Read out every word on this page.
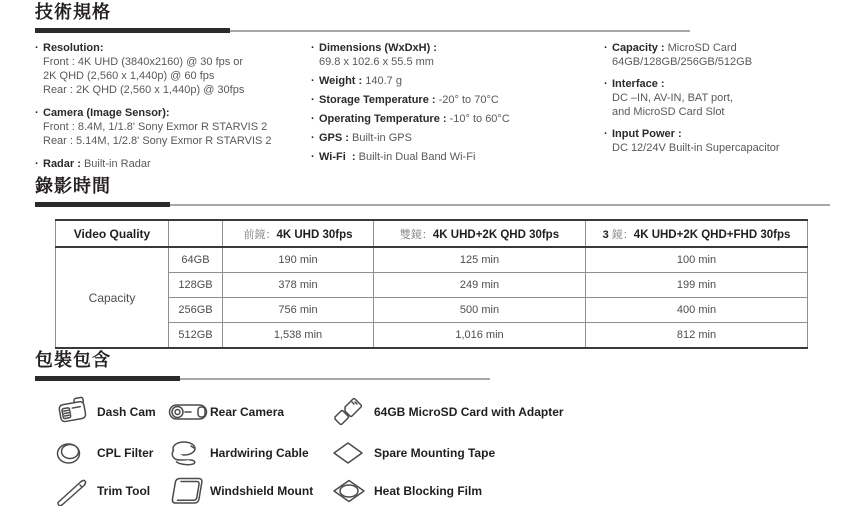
技術規格
· Resolution:
Front : 4K UHD (3840x2160) @ 30 fps or
2K QHD (2,560 x 1,440p) @ 60 fps
Rear : 2K QHD (2,560 x 1,440p) @ 30fps
· Camera (Image Sensor):
Front : 8.4M, 1/1.8' Sony Exmor R STARVIS 2
Rear : 5.14M, 1/2.8' Sony Exmor R STARVIS 2
· Radar : Built-in Radar
· Dimensions (WxDxH) :
69.8 x 102.6 x 55.5 mm
· Weight : 140.7 g
· Storage Temperature : -20° to 70°C
· Operating Temperature : -10° to 60°C
· GPS : Built-in GPS
· Wi-Fi  : Built-in Dual Band Wi-Fi
· Capacity : MicroSD Card
64GB/128GB/256GB/512GB
· Interface :
DC –IN, AV-IN, BAT port,
and MicroSD Card Slot
· Input Power :
DC 12/24V Built-in Supercapacitor
錄影時間
Video Quality		前鏡：4K UHD 30fps	雙鏡：4K UHD+2K QHD 30fps	3 鏡：4K UHD+2K QHD+FHD 30fps
Capacity	64GB	190 min	125 min	100 min
	128GB	378 min	249 min	199 min
	256GB	756 min	500 min	400 min
	512GB	1,538 min	1,016 min	812 min
包裝包含
Dash Cam	Rear Camera	64GB MicroSD Card with Adapter
CPL Filter	Hardwiring Cable	Spare Mounting Tape
Trim Tool	Windshield Mount	Heat Blocking Film
